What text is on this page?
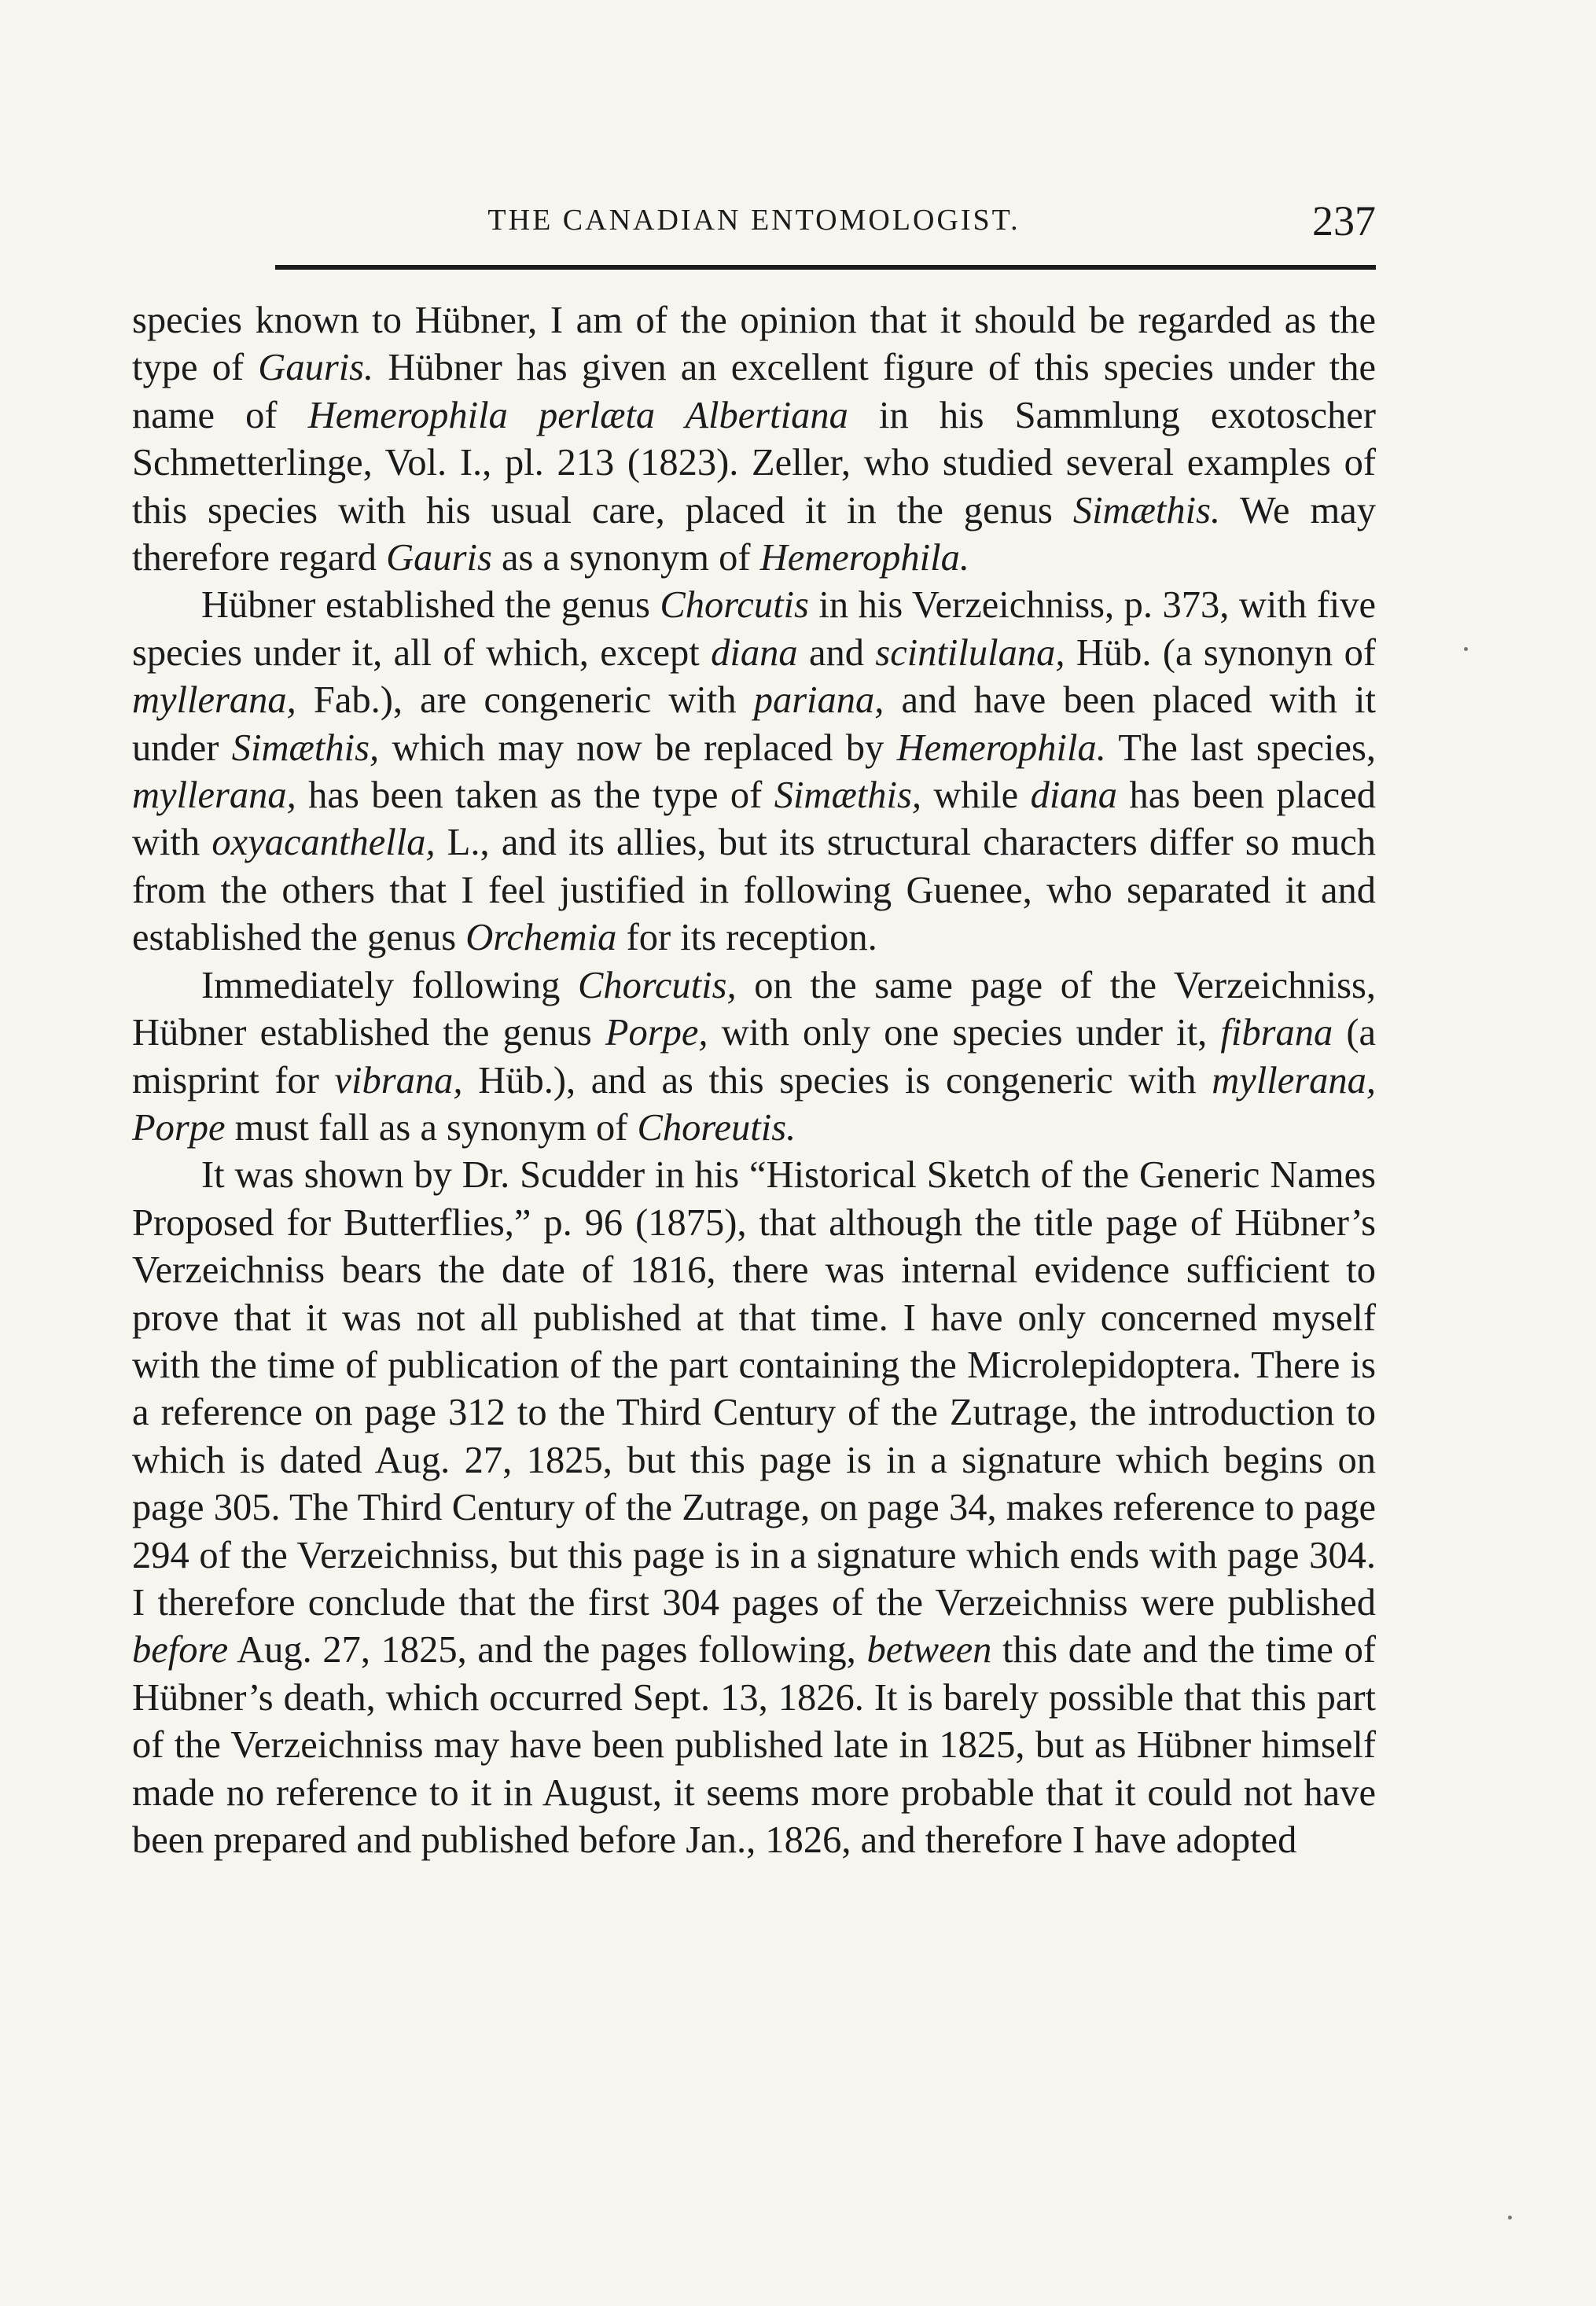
THE CANADIAN ENTOMOLOGIST.	237

species known to Hübner, I am of the opinion that it should be regarded as the type of Gauris. Hübner has given an excellent figure of this species under the name of Hemerophila perlæta Albertiana in his Sammlung exotoscher Schmetterlinge, Vol. I., pl. 213 (1823). Zeller, who studied several examples of this species with his usual care, placed it in the genus Simæthis. We may therefore regard Gauris as a synonym of Hemerophila.

Hübner established the genus Chorcutis in his Verzeichniss, p. 373, with five species under it, all of which, except diana and scintilulana, Hüb. (a synonyn of myllerana, Fab.), are congeneric with pariana, and have been placed with it under Simæthis, which may now be replaced by Hemerophila. The last species, myllerana, has been taken as the type of Simæthis, while diana has been placed with oxyacanthella, L., and its allies, but its structural characters differ so much from the others that I feel justified in following Guenee, who separated it and established the genus Orchemia for its reception.

Immediately following Chorcutis, on the same page of the Verzeichniss, Hübner established the genus Porpe, with only one species under it, fibrana (a misprint for vibrana, Hüb.), and as this species is congeneric with myllerana, Porpe must fall as a synonym of Choreutis.

It was shown by Dr. Scudder in his “Historical Sketch of the Generic Names Proposed for Butterflies,” p. 96 (1875), that although the title page of Hübner’s Verzeichniss bears the date of 1816, there was internal evidence sufficient to prove that it was not all published at that time. I have only concerned myself with the time of publication of the part containing the Microlepidoptera. There is a reference on page 312 to the Third Century of the Zutrage, the introduction to which is dated Aug. 27, 1825, but this page is in a signature which begins on page 305. The Third Century of the Zutrage, on page 34, makes reference to page 294 of the Verzeichniss, but this page is in a signature which ends with page 304. I therefore conclude that the first 304 pages of the Verzeichniss were published before Aug. 27, 1825, and the pages following, between this date and the time of Hübner’s death, which occurred Sept. 13, 1826. It is barely possible that this part of the Verzeichniss may have been published late in 1825, but as Hübner himself made no reference to it in August, it seems more probable that it could not have been prepared and published before Jan., 1826, and therefore I have adopted
